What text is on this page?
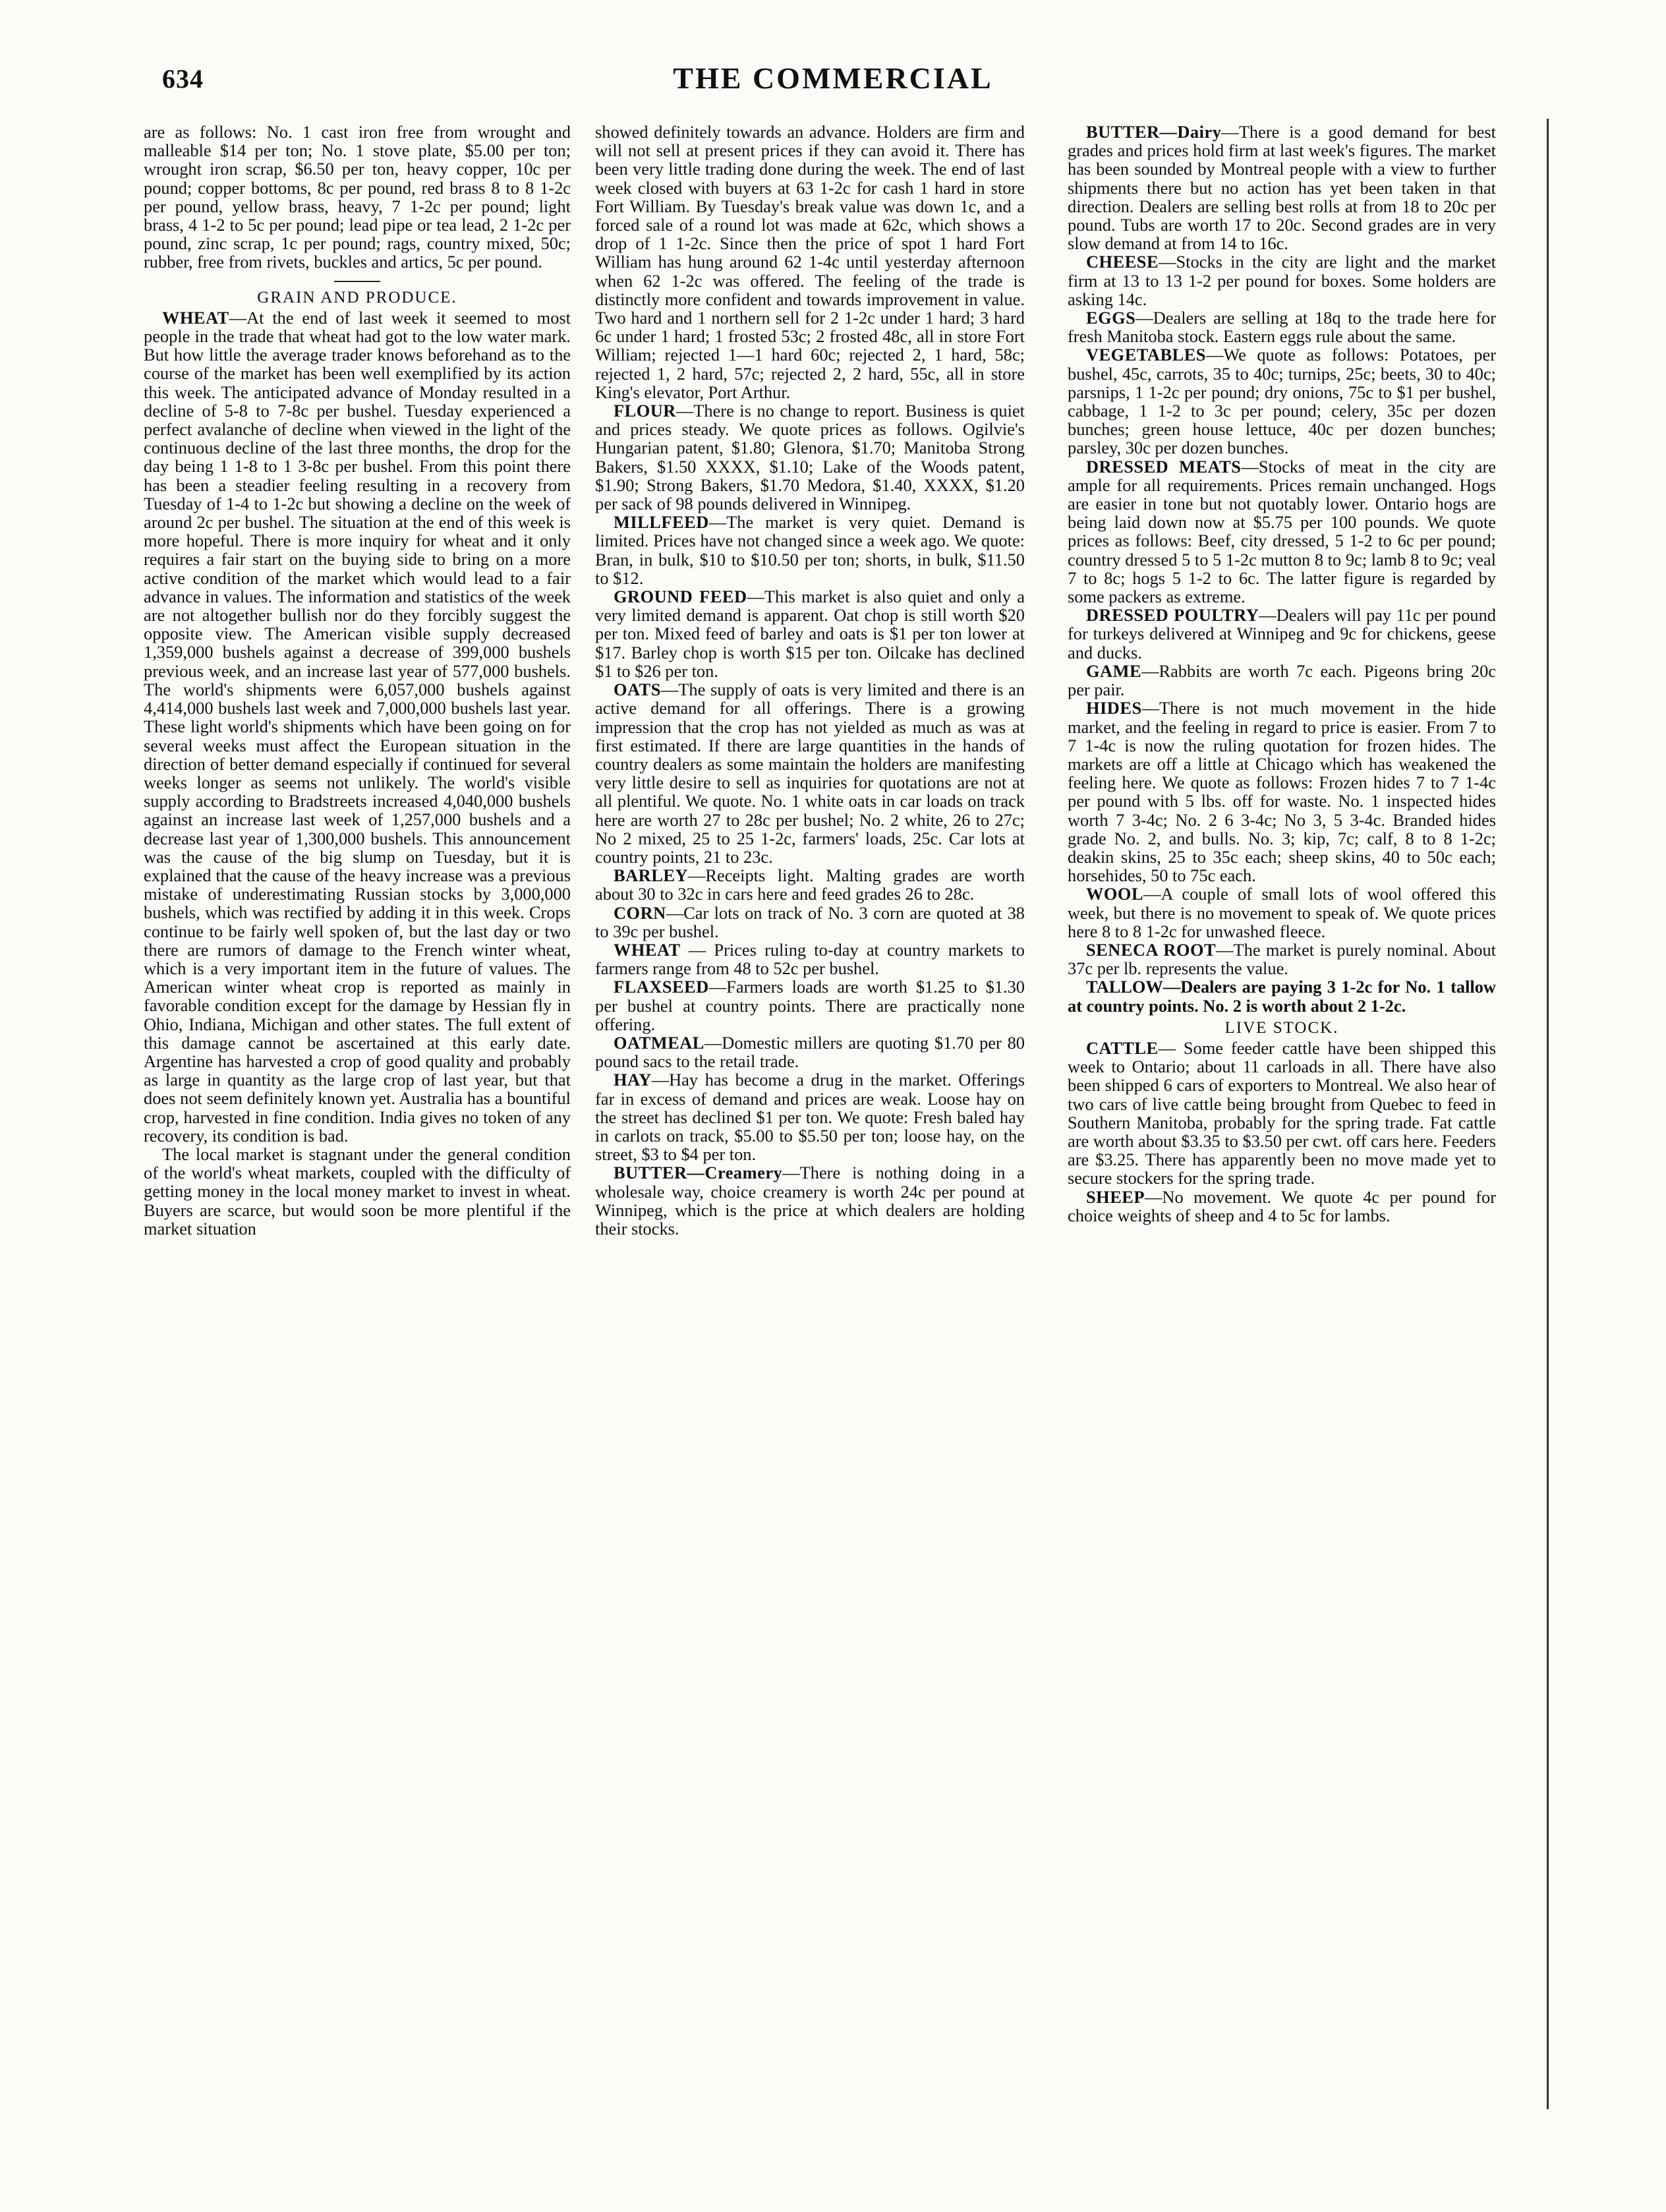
634	THE COMMERCIAL

are as follows: No. 1 cast iron free from wrought and malleable $14 per ton; No. 1 stove plate, $5.00 per ton; wrought iron scrap, $6.50 per ton, heavy copper, 10c per pound; copper bottoms, 8c per pound, red brass 8 to 8 1-2c per pound, yellow brass, heavy, 7 1-2c per pound; light brass, 4 1-2 to 5c per pound; lead pipe or tea lead, 2 1-2c per pound, zinc scrap, 1c per pound; rags, country mixed, 50c; rubber, free from rivets, buckles and artics, 5c per pound.

GRAIN AND PRODUCE.

WHEAT—At the end of last week it seemed to most people in the trade that wheat had got to the low water mark. But how little the average trader knows beforehand as to the course of the market has been well exemplified by its action this week. The anticipated advance of Monday resulted in a decline of 5-8 to 7-8c per bushel. Tuesday experienced a perfect avalanche of decline when viewed in the light of the continuous decline of the last three months, the drop for the day being 1 1-8 to 1 3-8c per bushel. From this point there has been a steadier feeling resulting in a recovery from Tuesday of 1-4 to 1-2c but showing a decline on the week of around 2c per bushel. The situation at the end of this week is more hopeful. There is more inquiry for wheat and it only requires a fair start on the buying side to bring on a more active condition of the market which would lead to a fair advance in values. The information and statistics of the week are not altogether bullish nor do they forcibly suggest the opposite view. The American visible supply decreased 1,359,000 bushels against a decrease of 399,000 bushels previous week, and an increase last year of 577,000 bushels. The world's shipments were 6,057,000 bushels against 4,414,000 bushels last week and 7,000,000 bushels last year. These light world's shipments which have been going on for several weeks must affect the European situation in the direction of better demand especially if continued for several weeks longer as seems not unlikely. The world's visible supply according to Bradstreets increased 4,040,000 bushels against an increase last week of 1,257,000 bushels and a decrease last year of 1,300,000 bushels. This announcement was the cause of the big slump on Tuesday, but it is explained that the cause of the heavy increase was a previous mistake of underestimating Russian stocks by 3,000,000 bushels, which was rectified by adding it in this week. Crops continue to be fairly well spoken of, but the last day or two there are rumors of damage to the French winter wheat, which is a very important item in the future of values. The American winter wheat crop is reported as mainly in favorable condition except for the damage by Hessian fly in Ohio, Indiana, Michigan and other states. The full extent of this damage cannot be ascertained at this early date. Argentine has harvested a crop of good quality and probably as large in quantity as the large crop of last year, but that does not seem definitely known yet. Australia has a bountiful crop, harvested in fine condition. India gives no token of any recovery, its condition is bad.

The local market is stagnant under the general condition of the world's wheat markets, coupled with the difficulty of getting money in the local money market to invest in wheat. Buyers are scarce, but would soon be more plentiful if the market situation

showed definitely towards an advance. Holders are firm and will not sell at present prices if they can avoid it. There has been very little trading done during the week. The end of last week closed with buyers at 63 1-2c for cash 1 hard in store Fort William. By Tuesday's break value was down 1c, and a forced sale of a round lot was made at 62c, which shows a drop of 1 1-2c. Since then the price of spot 1 hard Fort William has hung around 62 1-4c until yesterday afternoon when 62 1-2c was offered. The feeling of the trade is distinctly more confident and towards improvement in value. Two hard and 1 northern sell for 2 1-2c under 1 hard; 3 hard 6c under 1 hard; 1 frosted 53c; 2 frosted 48c, all in store Fort William; rejected 1—1 hard 60c; rejected 2, 1 hard, 58c; rejected 1, 2 hard, 57c; rejected 2, 2 hard, 55c, all in store King's elevator, Port Arthur.

FLOUR—There is no change to report. Business is quiet and prices steady. We quote prices as follows. Ogilvie's Hungarian patent, $1.80; Glenora, $1.70; Manitoba Strong Bakers, $1.50 XXXX, $1.10; Lake of the Woods patent, $1.90; Strong Bakers, $1.70 Medora, $1.40, XXXX, $1.20 per sack of 98 pounds delivered in Winnipeg.

MILLFEED—The market is very quiet. Demand is limited. Prices have not changed since a week ago. We quote: Bran, in bulk, $10 to $10.50 per ton; shorts, in bulk, $11.50 to $12.

GROUND FEED—This market is also quiet and only a very limited demand is apparent. Oat chop is still worth $20 per ton. Mixed feed of barley and oats is $1 per ton lower at $17. Barley chop is worth $15 per ton. Oilcake has declined $1 to $26 per ton.

OATS—The supply of oats is very limited and there is an active demand for all offerings. There is a growing impression that the crop has not yielded as much as was at first estimated. If there are large quantities in the hands of country dealers as some maintain the holders are manifesting very little desire to sell as inquiries for quotations are not at all plentiful. We quote. No. 1 white oats in car loads on track here are worth 27 to 28c per bushel; No. 2 white, 26 to 27c; No 2 mixed, 25 to 25 1-2c, farmers' loads, 25c. Car lots at country points, 21 to 23c.

BARLEY—Receipts light. Malting grades are worth about 30 to 32c in cars here and feed grades 26 to 28c.

CORN—Car lots on track of No. 3 corn are quoted at 38 to 39c per bushel.

WHEAT — Prices ruling to-day at country markets to farmers range from 48 to 52c per bushel.

FLAXSEED—Farmers loads are worth $1.25 to $1.30 per bushel at country points. There are practically none offering.

OATMEAL—Domestic millers are quoting $1.70 per 80 pound sacs to the retail trade.

HAY—Hay has become a drug in the market. Offerings far in excess of demand and prices are weak. Loose hay on the street has declined $1 per ton. We quote: Fresh baled hay in carlots on track, $5.00 to $5.50 per ton; loose hay, on the street, $3 to $4 per ton.

BUTTER—Creamery—There is nothing doing in a wholesale way, choice creamery is worth 24c per pound at Winnipeg, which is the price at which dealers are holding their stocks.

BUTTER—Dairy—There is a good demand for best grades and prices hold firm at last week's figures. The market has been sounded by Montreal people with a view to further shipments there but no action has yet been taken in that direction. Dealers are selling best rolls at from 18 to 20c per pound. Tubs are worth 17 to 20c. Second grades are in very slow demand at from 14 to 16c.

CHEESE—Stocks in the city are light and the market firm at 13 to 13 1-2 per pound for boxes. Some holders are asking 14c.

EGGS—Dealers are selling at 18q to the trade here for fresh Manitoba stock. Eastern eggs rule about the same.

VEGETABLES—We quote as follows: Potatoes, per bushel, 45c, carrots, 35 to 40c; turnips, 25c; beets, 30 to 40c; parsnips, 1 1-2c per pound; dry onions, 75c to $1 per bushel, cabbage, 1 1-2 to 3c per pound; celery, 35c per dozen bunches; green house lettuce, 40c per dozen bunches; parsley, 30c per dozen bunches.

DRESSED MEATS—Stocks of meat in the city are ample for all requirements. Prices remain unchanged. Hogs are easier in tone but not quotably lower. Ontario hogs are being laid down now at $5.75 per 100 pounds. We quote prices as follows: Beef, city dressed, 5 1-2 to 6c per pound; country dressed 5 to 5 1-2c mutton 8 to 9c; lamb 8 to 9c; veal 7 to 8c; hogs 5 1-2 to 6c. The latter figure is regarded by some packers as extreme.

DRESSED POULTRY—Dealers will pay 11c per pound for turkeys delivered at Winnipeg and 9c for chickens, geese and ducks.

GAME—Rabbits are worth 7c each. Pigeons bring 20c per pair.

HIDES—There is not much movement in the hide market, and the feeling in regard to price is easier. From 7 to 7 1-4c is now the ruling quotation for frozen hides. The markets are off a little at Chicago which has weakened the feeling here. We quote as follows: Frozen hides 7 to 7 1-4c per pound with 5 lbs. off for waste. No. 1 inspected hides worth 7 3-4c; No. 2 6 3-4c; No 3, 5 3-4c. Branded hides grade No. 2, and bulls. No. 3; kip, 7c; calf, 8 to 8 1-2c; deakin skins, 25 to 35c each; sheep skins, 40 to 50c each; horsehides, 50 to 75c each.

WOOL—A couple of small lots of wool offered this week, but there is no movement to speak of. We quote prices here 8 to 8 1-2c for unwashed fleece.

SENECA ROOT—The market is purely nominal. About 37c per lb. represents the value.

TALLOW—Dealers are paying 3 1-2c for No. 1 tallow at country points. No. 2 is worth about 2 1-2c.

LIVE STOCK.

CATTLE— Some feeder cattle have been shipped this week to Ontario; about 11 carloads in all. There have also been shipped 6 cars of exporters to Montreal. We also hear of two cars of live cattle being brought from Quebec to feed in Southern Manitoba, probably for the spring trade. Fat cattle are worth about $3.35 to $3.50 per cwt. off cars here. Feeders are $3.25. There has apparently been no move made yet to secure stockers for the spring trade.

SHEEP—No movement. We quote 4c per pound for choice weights of sheep and 4 to 5c for lambs.
